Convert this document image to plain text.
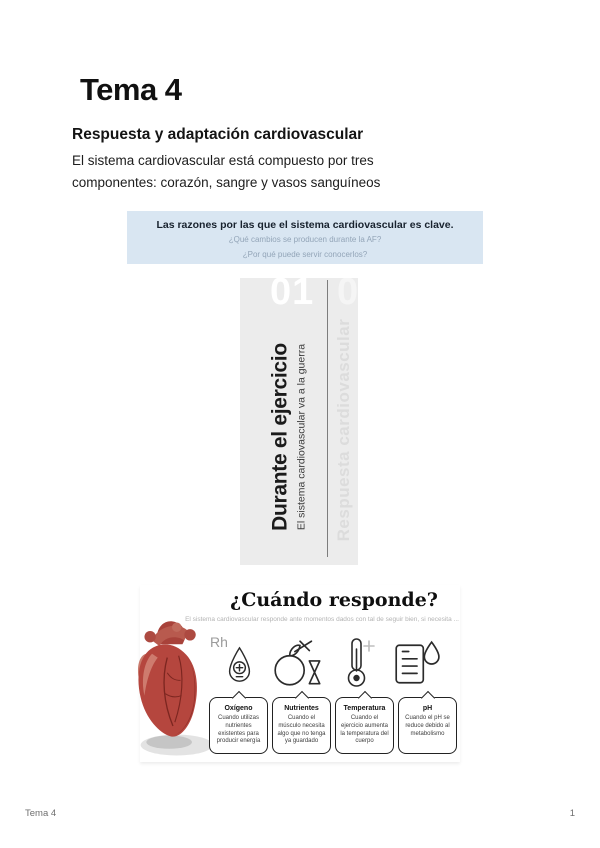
Tema 4
Respuesta y adaptación cardiovascular
El sistema cardiovascular está compuesto por tres componentes: corazón, sangre y vasos sanguíneos
Las razones por las que el sistema cardiovascular es clave.
¿Qué cambios se producen durante la AF?
¿Por qué puede servir conocerlos?
01 0
Durante el ejercicio El sistema cardiovascular va a la guerra Respuesta cardiovascular
¿Cuándo responde?
El sistema cardiovascular responde ante momentos dados con tal de seguir bien, si necesita ...
Rh
Oxígeno
Cuando utilizas nutrientes existentes para producir energía
Nutrientes
Cuando el músculo necesita algo que no tenga ya guardado
Temperatura
Cuando el ejercicio aumenta la temperatura del cuerpo
pH
Cuando el pH se reduce debido al metabolismo
Tema 4	1
